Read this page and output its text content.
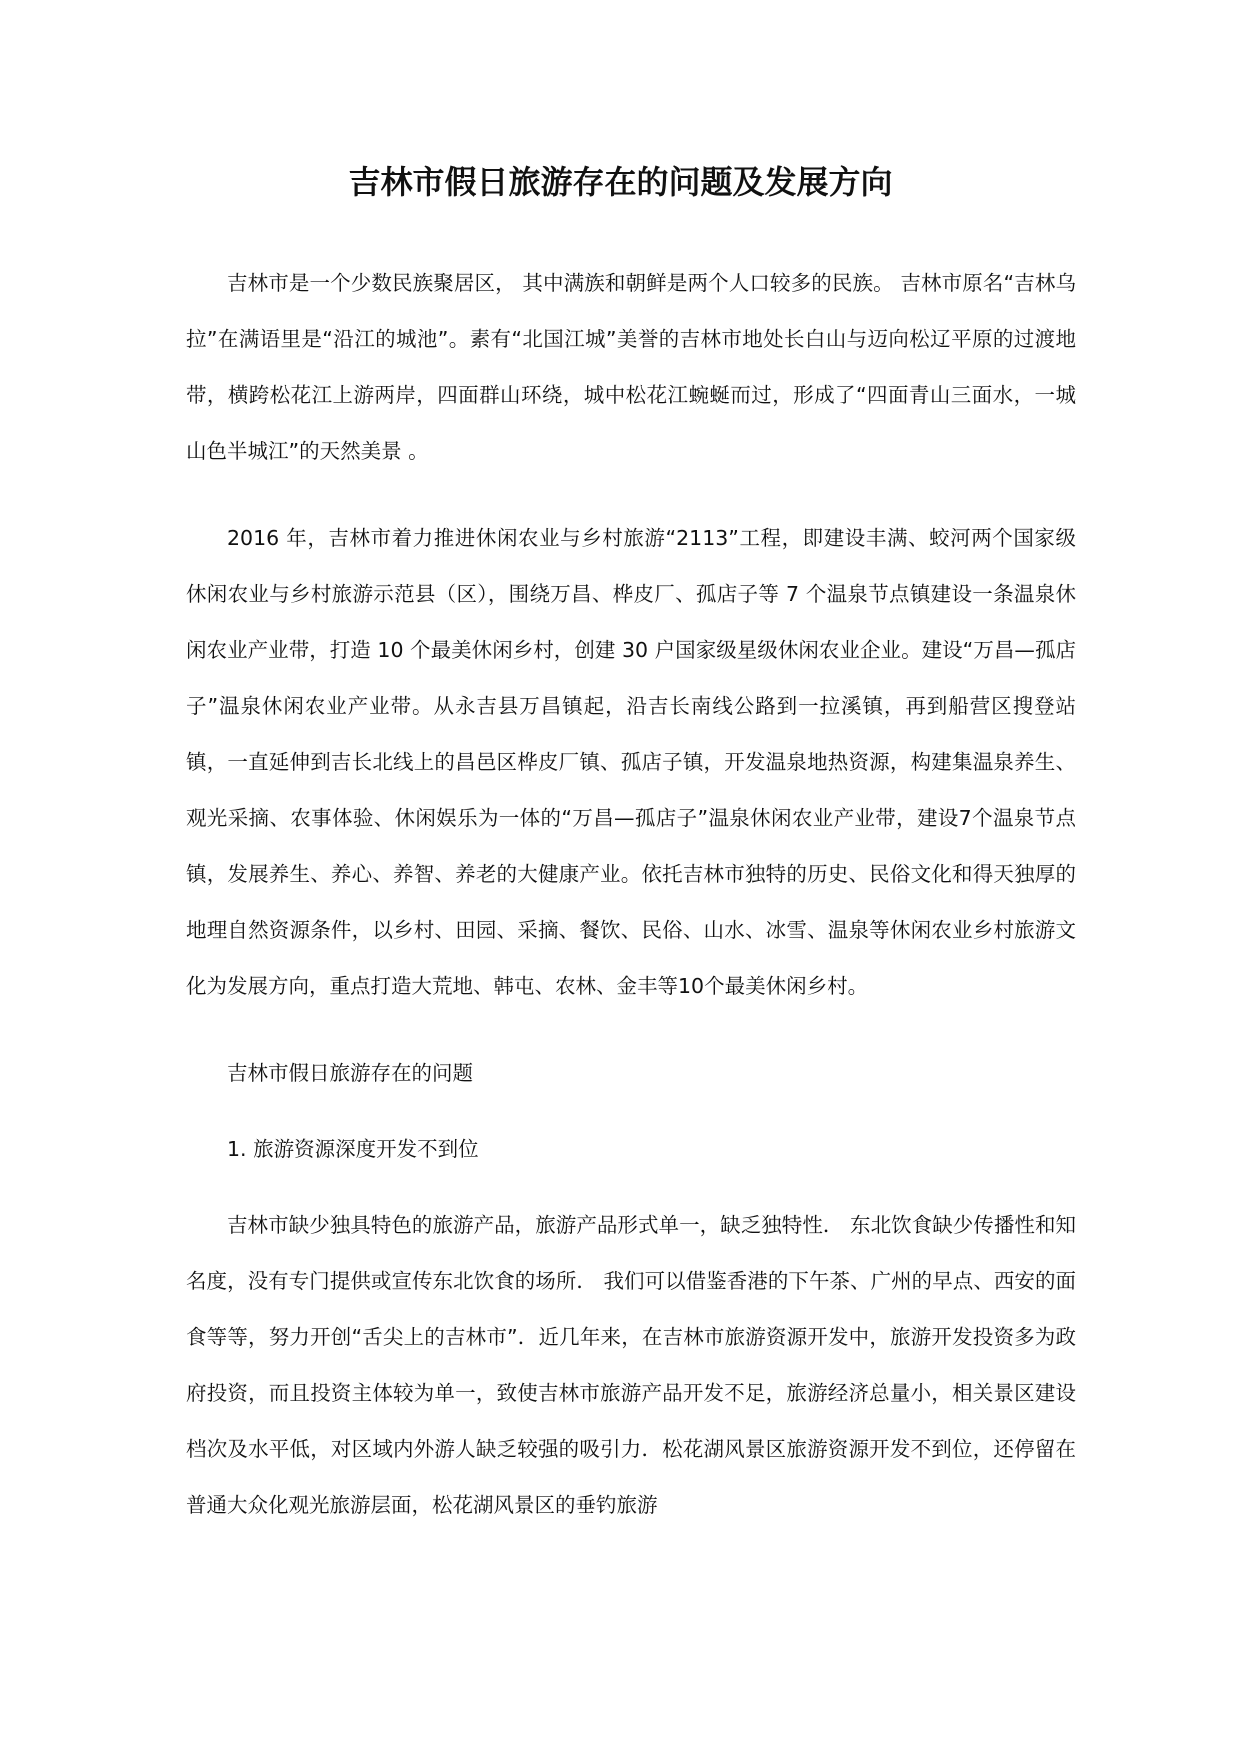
吉林市假日旅游存在的问题及发展方向

吉林市是一个少数民族聚居区， 其中满族和朝鲜是两个人口较多的民族。 吉林市原名“吉林乌拉”在满语里是“沿江的城池”。素有“北国江城”美誉的吉林市地处长白山与迈向松辽平原的过渡地带，横跨松花江上游两岸，四面群山环绕，城中松花江蜿蜒而过，形成了“四面青山三面水，一城山色半城江”的天然美景 。

2016 年，吉林市着力推进休闲农业与乡村旅游“2113”工程，即建设丰满、蛟河两个国家级休闲农业与乡村旅游示范县（区），围绕万昌、桦皮厂、孤店子等 7 个温泉节点镇建设一条温泉休闲农业产业带，打造 10 个最美休闲乡村，创建 30 户国家级星级休闲农业企业。建设“万昌—孤店子”温泉休闲农业产业带。从永吉县万昌镇起，沿吉长南线公路到一拉溪镇，再到船营区搜登站镇，一直延伸到吉长北线上的昌邑区桦皮厂镇、孤店子镇，开发温泉地热资源，构建集温泉养生、观光采摘、农事体验、休闲娱乐为一体的“万昌—孤店子”温泉休闲农业产业带，建设7个温泉节点镇，发展养生、养心、养智、养老的大健康产业。依托吉林市独特的历史、民俗文化和得天独厚的地理自然资源条件，以乡村、田园、采摘、餐饮、民俗、山水、冰雪、温泉等休闲农业乡村旅游文化为发展方向，重点打造大荒地、韩屯、农林、金丰等10个最美休闲乡村。

吉林市假日旅游存在的问题

1. 旅游资源深度开发不到位

吉林市缺少独具特色的旅游产品，旅游产品形式单一，缺乏独特性． 东北饮食缺少传播性和知名度，没有专门提供或宣传东北饮食的场所． 我们可以借鉴香港的下午茶、广州的早点、西安的面食等等，努力开创“舌尖上的吉林市”．近几年来，在吉林市旅游资源开发中，旅游开发投资多为政府投资，而且投资主体较为单一，致使吉林市旅游产品开发不足，旅游经济总量小，相关景区建设档次及水平低，对区域内外游人缺乏较强的吸引力．松花湖风景区旅游资源开发不到位，还停留在普通大众化观光旅游层面，松花湖风景区的垂钓旅游
